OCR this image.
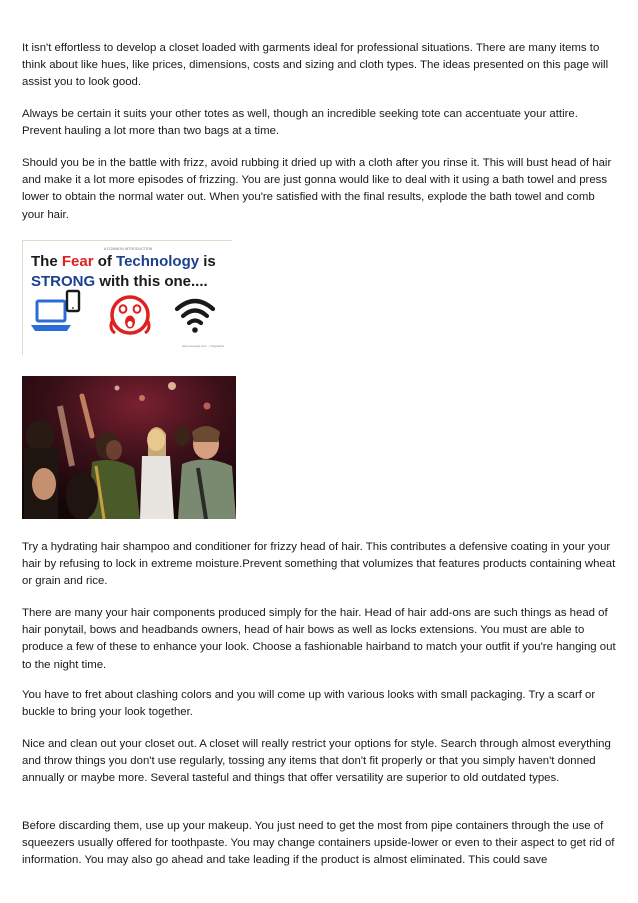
It isn't effortless to develop a closet loaded with garments ideal for professional situations. There are many items to think about like hues, like prices, dimensions, costs and sizing and cloth types. The ideas presented on this page will assist you to look good.

Always be certain it suits your other totes as well, though an incredible seeking tote can accentuate your attire. Prevent hauling a lot more than two bags at a time.

Should you be in the battle with frizz, avoid rubbing it dried up with a cloth after you rinse it. This will bust head of hair and make it a lot more episodes of frizzing. You are just gonna would like to deal with it using a bath towel and press lower to obtain the normal water out. When you're satisfied with the final results, explode the bath towel and comb your hair.

A COMMON INTRODUCTION
The Fear of Technology is
STRONG with this one....
www.example.com · infographic

Try a hydrating hair shampoo and conditioner for frizzy head of hair. This contributes a defensive coating in your your hair by refusing to lock in extreme moisture.Prevent something that volumizes that features products containing wheat or grain and rice.

There are many your hair components produced simply for the hair. Head of hair add-ons are such things as head of hair ponytail, bows and headbands owners, head of hair bows as well as locks extensions. You must are able to produce a few of these to enhance your look. Choose a fashionable hairband to match your outfit if you're hanging out to the night time.

You have to fret about clashing colors and you will come up with various looks with small packaging. Try a scarf or buckle to bring your look together.

Nice and clean out your closet out. A closet will really restrict your options for style. Search through almost everything and throw things you don't use regularly, tossing any items that don't fit properly or that you simply haven't donned annually or maybe more. Several tasteful and things that offer versatility are superior to old outdated types.

Before discarding them, use up your makeup. You just need to get the most from pipe containers through the use of squeezers usually offered for toothpaste. You may change containers upside-lower or even to their aspect to get rid of information. You may also go ahead and take leading if the product is almost eliminated. This could save
